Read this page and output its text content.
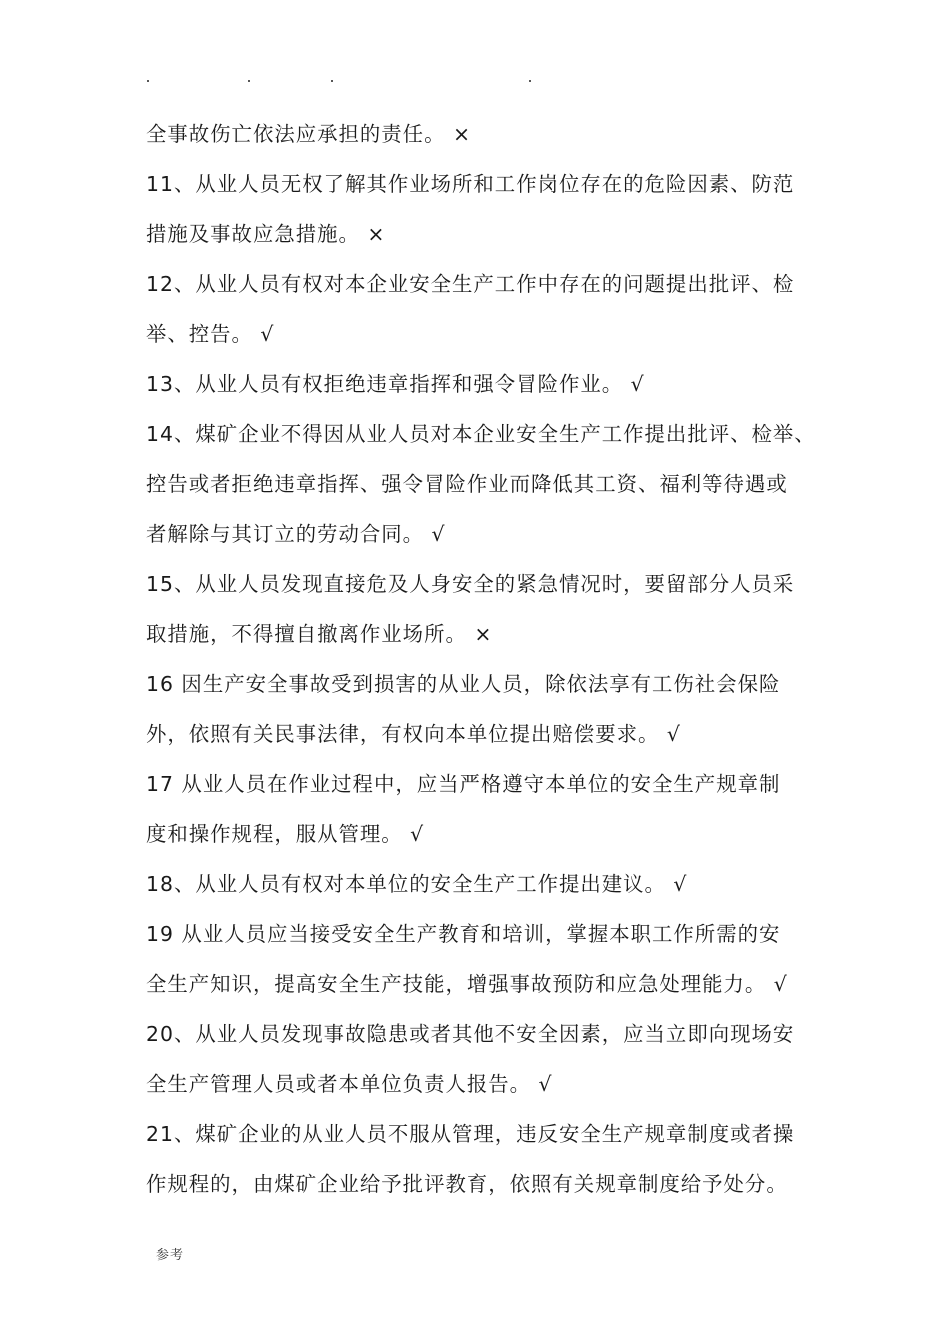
全事故伤亡依法应承担的责任。 ×
11、从业人员无权了解其作业场所和工作岗位存在的危险因素、防范
措施及事故应急措施。 ×
12、从业人员有权对本企业安全生产工作中存在的问题提出批评、检
举、控告。 √
13、从业人员有权拒绝违章指挥和强令冒险作业。 √
14、煤矿企业不得因从业人员对本企业安全生产工作提出批评、检举、
控告或者拒绝违章指挥、强令冒险作业而降低其工资、福利等待遇或
者解除与其订立的劳动合同。 √
15、从业人员发现直接危及人身安全的紧急情况时，要留部分人员采
取措施，不得擅自撤离作业场所。 ×
16 因生产安全事故受到损害的从业人员，除依法享有工伤社会保险
外，依照有关民事法律，有权向本单位提出赔偿要求。 √
17 从业人员在作业过程中，应当严格遵守本单位的安全生产规章制
度和操作规程，服从管理。 √
18、从业人员有权对本单位的安全生产工作提出建议。 √
19 从业人员应当接受安全生产教育和培训，掌握本职工作所需的安
全生产知识，提高安全生产技能，增强事故预防和应急处理能力。 √
20、从业人员发现事故隐患或者其他不安全因素，应当立即向现场安
全生产管理人员或者本单位负责人报告。 √
21、煤矿企业的从业人员不服从管理，违反安全生产规章制度或者操
作规程的，由煤矿企业给予批评教育，依照有关规章制度给予处分。
参考
